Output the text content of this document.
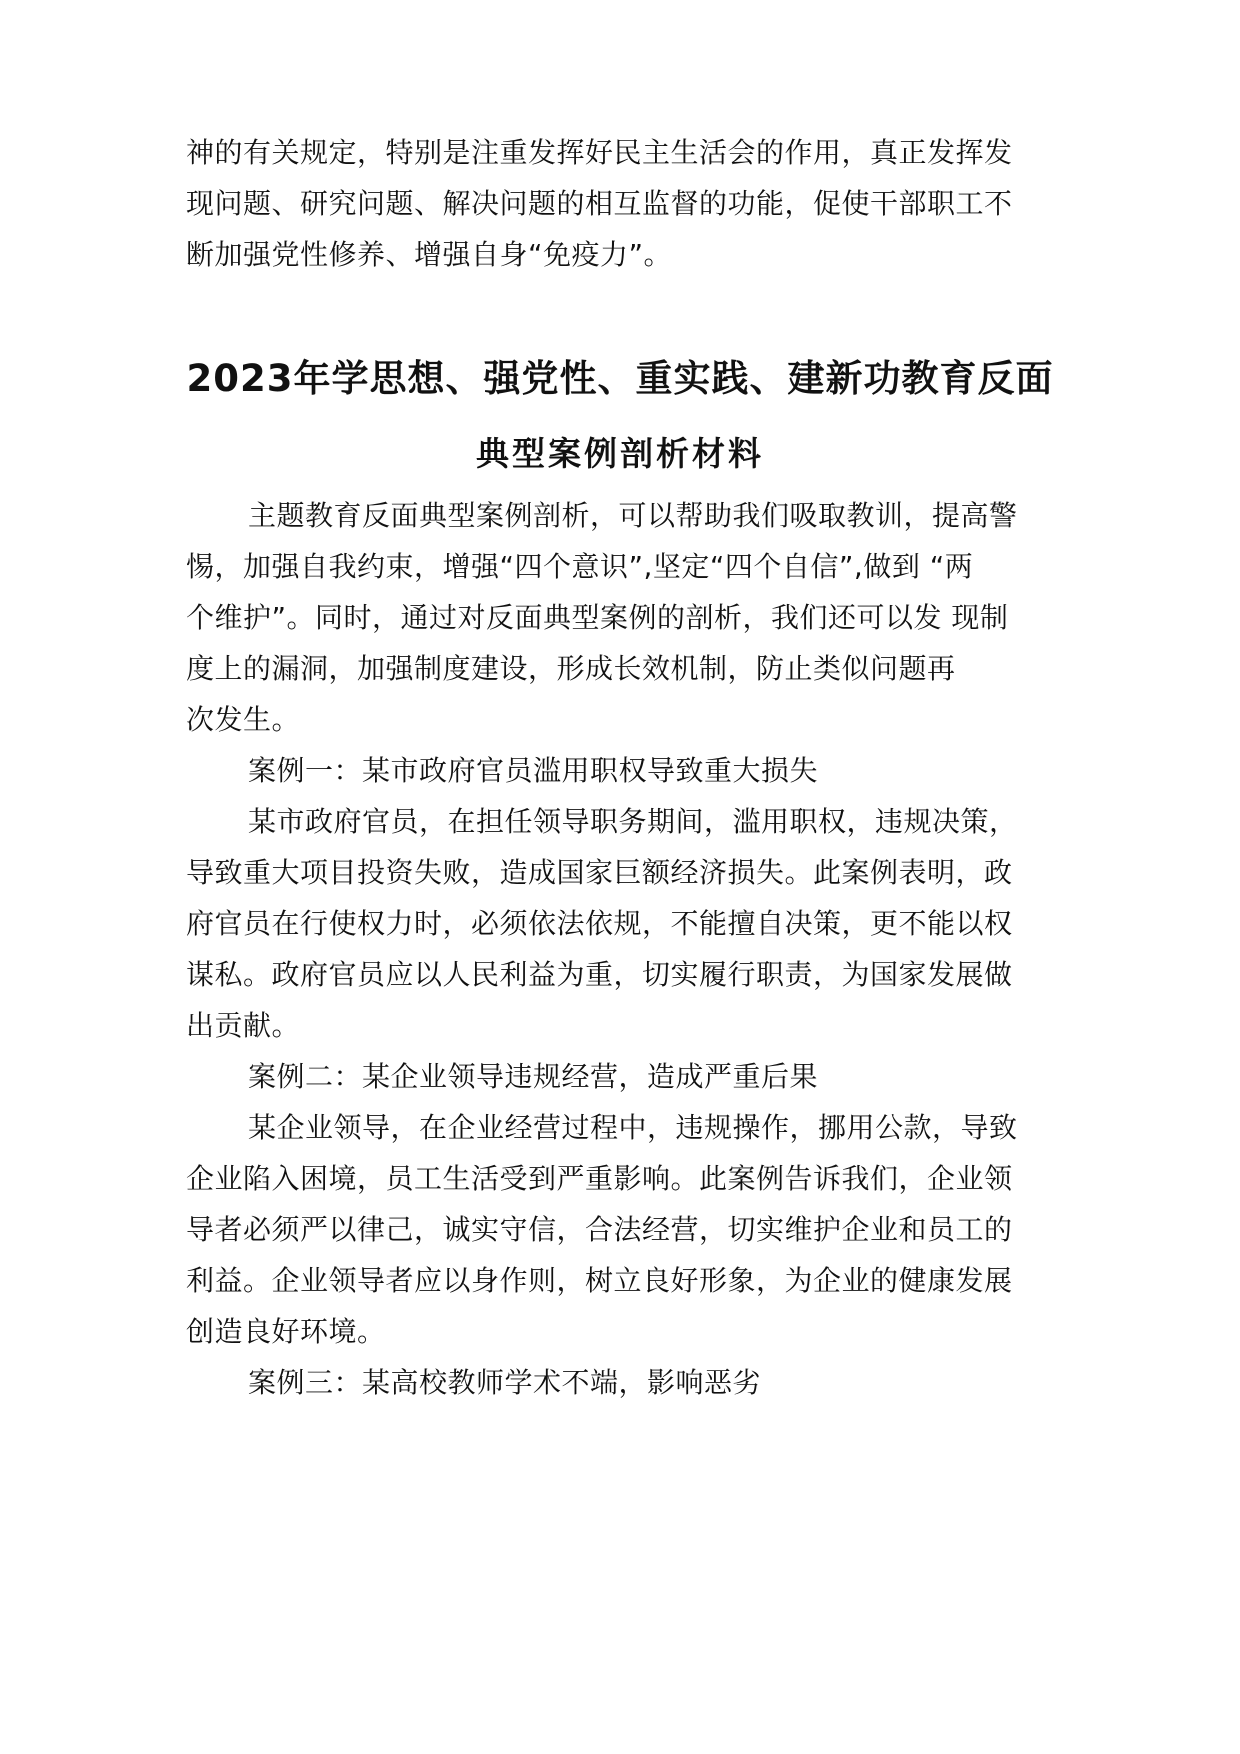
神的有关规定，特别是注重发挥好民主生活会的作用，真正发挥发
现问题、研究问题、解决问题的相互监督的功能，促使干部职工不
断加强党性修养、增强自身“免疫力”。
2023年学思想、强党性、重实践、建新功教育反面
典型案例剖析材料
主题教育反面典型案例剖析，可以帮助我们吸取教训，提高警
惕，加强自我约束，增强“四个意识”,坚定“四个自信”,做到 “两
个维护”。同时，通过对反面典型案例的剖析，我们还可以发 现制
度上的漏洞，加强制度建设，形成长效机制，防止类似问题再
次发生。
案例一：某市政府官员滥用职权导致重大损失
某市政府官员，在担任领导职务期间，滥用职权，违规决策，
导致重大项目投资失败，造成国家巨额经济损失。此案例表明，政
府官员在行使权力时，必须依法依规，不能擅自决策，更不能以权
谋私。政府官员应以人民利益为重，切实履行职责，为国家发展做
出贡献。
案例二：某企业领导违规经营，造成严重后果
某企业领导，在企业经营过程中，违规操作，挪用公款，导致
企业陷入困境，员工生活受到严重影响。此案例告诉我们，企业领
导者必须严以律己，诚实守信，合法经营，切实维护企业和员工的
利益。企业领导者应以身作则，树立良好形象，为企业的健康发展
创造良好环境。
案例三：某高校教师学术不端，影响恶劣
